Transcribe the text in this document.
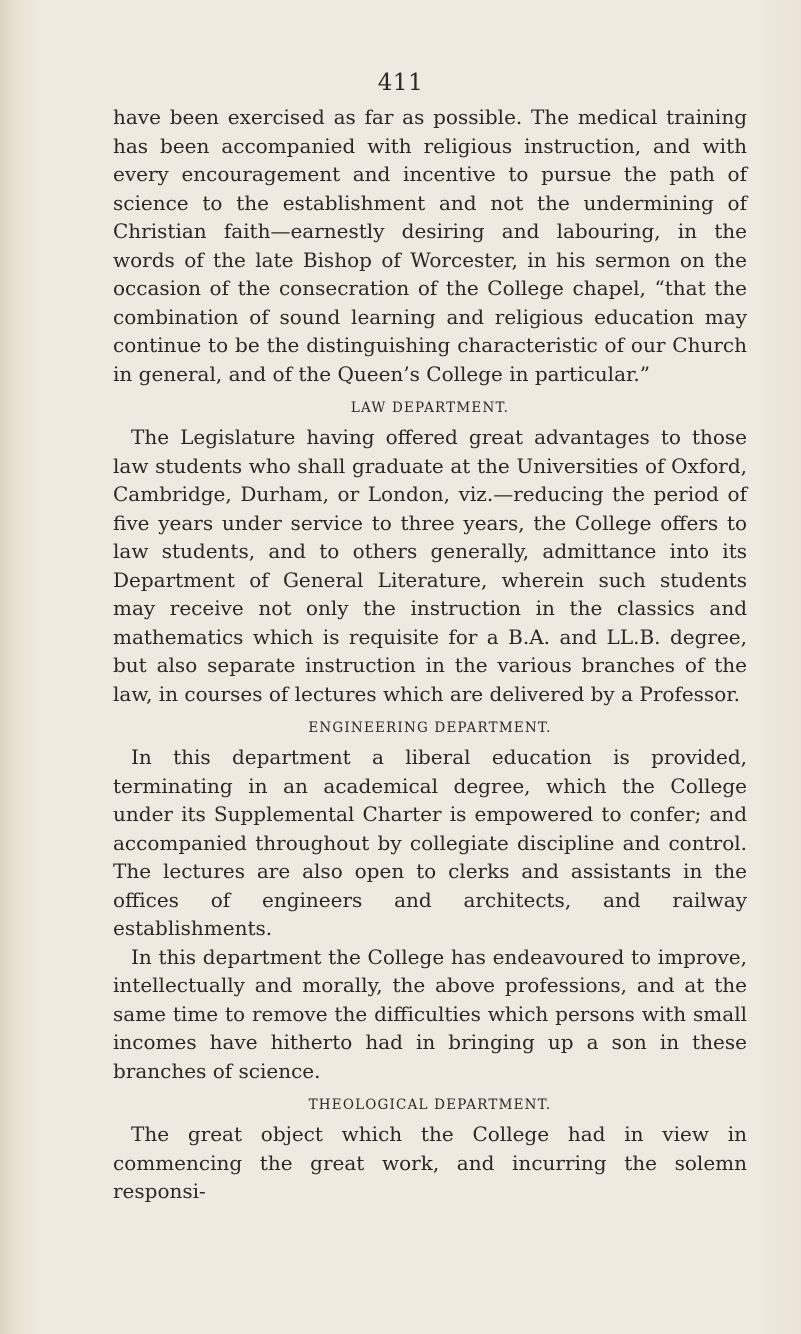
411

have been exercised as far as possible. The medical training has been accompanied with religious instruction, and with every encouragement and incentive to pursue the path of science to the establishment and not the undermining of Christian faith—earnestly desiring and labouring, in the words of the late Bishop of Worcester, in his sermon on the occasion of the consecration of the College chapel, “that the combination of sound learning and religious education may continue to be the distinguishing characteristic of our Church in general, and of the Queen’s College in particular.”

LAW DEPARTMENT.

The Legislature having offered great advantages to those law students who shall graduate at the Universities of Oxford, Cambridge, Durham, or London, viz.—reducing the period of five years under service to three years, the College offers to law students, and to others generally, admittance into its Department of General Literature, wherein such students may receive not only the instruction in the classics and mathematics which is requisite for a B.A. and LL.B. degree, but also separate instruction in the various branches of the law, in courses of lectures which are delivered by a Professor.

ENGINEERING DEPARTMENT.

In this department a liberal education is provided, terminating in an academical degree, which the College under its Supplemental Charter is empowered to confer; and accompanied throughout by collegiate discipline and control. The lectures are also open to clerks and assistants in the offices of engineers and architects, and railway establishments.

In this department the College has endeavoured to improve, intellectually and morally, the above professions, and at the same time to remove the difficulties which persons with small incomes have hitherto had in bringing up a son in these branches of science.

THEOLOGICAL DEPARTMENT.

The great object which the College had in view in commencing the great work, and incurring the solemn responsi-
